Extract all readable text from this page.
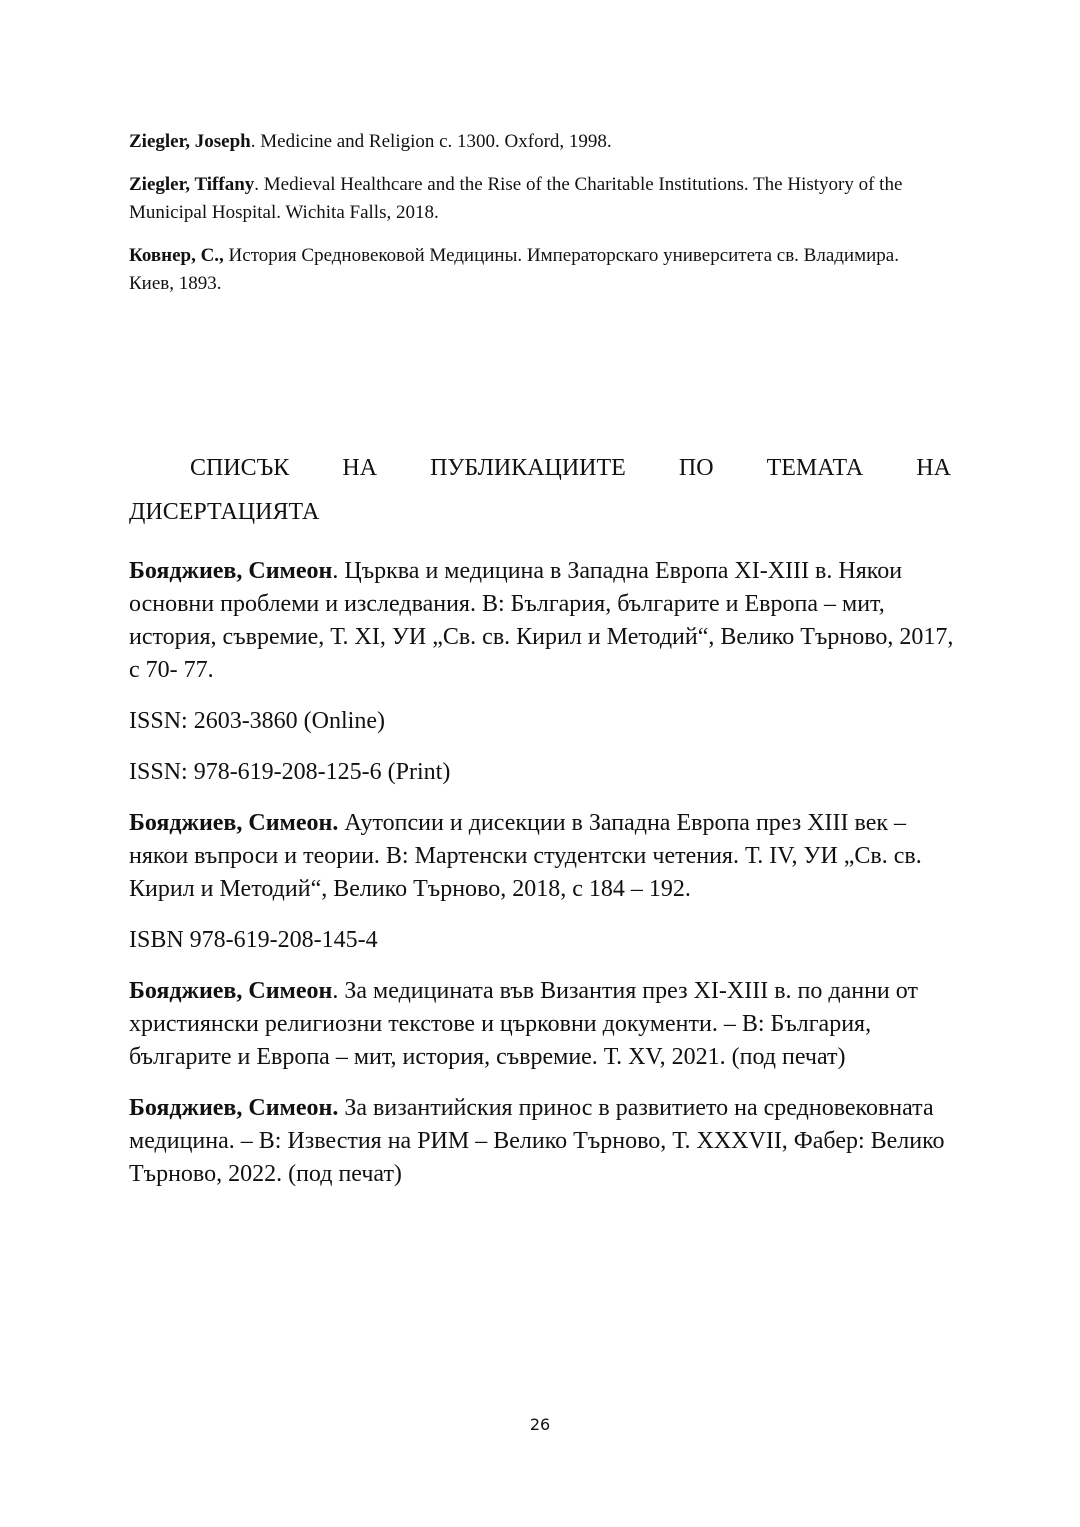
Ziegler, Joseph. Medicine and Religion c. 1300. Oxford, 1998.

Ziegler, Tiffany. Medieval Healthcare and the Rise of the Charitable Institutions. The Histyory of the Municipal Hospital. Wichita Falls, 2018.

Ковнер, С., История Средновековой Медицины. Императорскаго университета св. Владимира. Киев, 1893.

СПИСЪК НА ПУБЛИКАЦИИТЕ ПО ТЕМАТА НА
ДИСЕРТАЦИЯТА

Бояджиев, Симеон. Църква и медицина в Западна Европа XI-XIII в. Някои основни проблеми и изследвания. В: България, българите и Европа – мит, история, съвремие, Т. XI, УИ „Св. св. Кирил и Методий“, Велико Търново, 2017, с 70- 77.

ISSN: 2603-3860 (Online)

ISSN: 978-619-208-125-6 (Print)

Бояджиев, Симеон. Аутопсии и дисекции в Западна Европа през XIII век – някои въпроси и теории. В: Мартенски студентски четения. Т. IV, УИ „Св. св. Кирил и Методий“, Велико Търново, 2018, с 184 – 192.

ISBN 978-619-208-145-4

Бояджиев, Симеон. За медицината във Византия през XI-XIII в. по данни от християнски религиозни текстове и църковни документи. – В: България, българите и Европа – мит, история, съвремие. Т. XV, 2021. (под печат)

Бояджиев, Симеон. За византийския принос в развитието на средновековната медицина. – В: Известия на РИМ – Велико Търново, Т. XXXVII, Фабер: Велико Търново, 2022. (под печат)

26
